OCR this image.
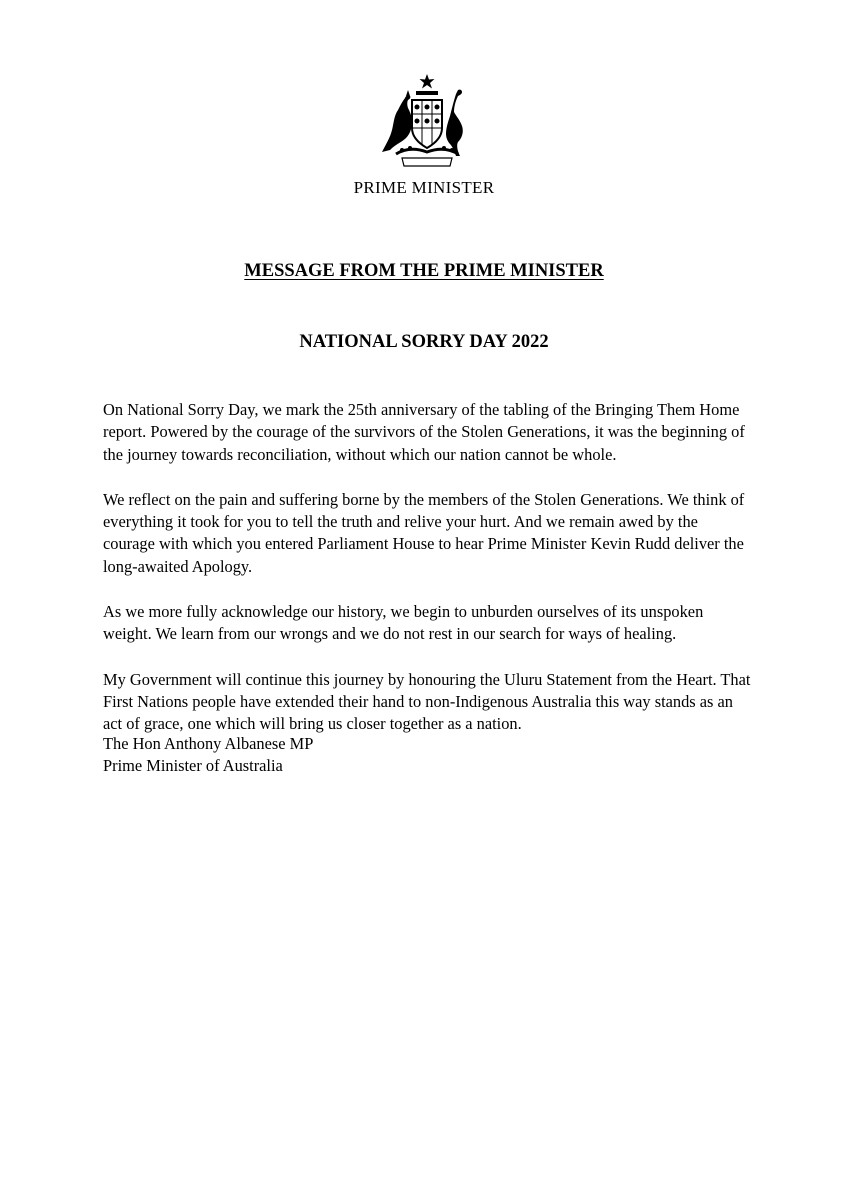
PRIME MINISTER
MESSAGE FROM THE PRIME MINISTER
NATIONAL SORRY DAY 2022

On National Sorry Day, we mark the 25th anniversary of the tabling of the Bringing Them Home report. Powered by the courage of the survivors of the Stolen Generations, it was the beginning of the journey towards reconciliation, without which our nation cannot be whole.

We reflect on the pain and suffering borne by the members of the Stolen Generations. We think of everything it took for you to tell the truth and relive your hurt. And we remain awed by the courage with which you entered Parliament House to hear Prime Minister Kevin Rudd deliver the long-awaited Apology.

As we more fully acknowledge our history, we begin to unburden ourselves of its unspoken weight. We learn from our wrongs and we do not rest in our search for ways of healing.

My Government will continue this journey by honouring the Uluru Statement from the Heart. That First Nations people have extended their hand to non-Indigenous Australia this way stands as an act of grace, one which will bring us closer together as a nation.

The Hon Anthony Albanese MP
Prime Minister of Australia
